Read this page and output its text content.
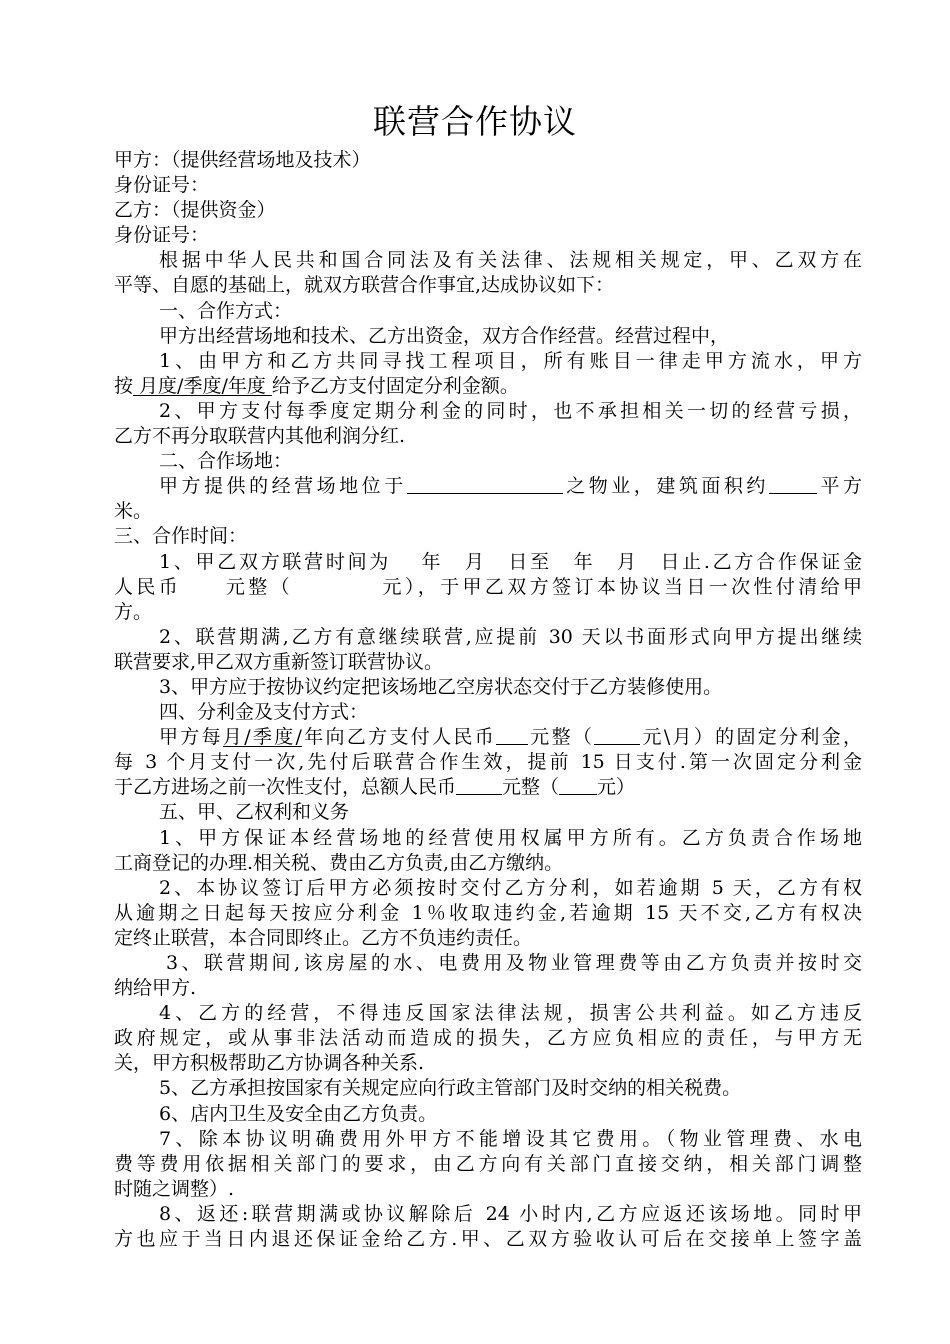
联营合作协议

甲方：（提供经营场地及技术）

身份证号：

乙方：（提供资金）

身份证号：

根据中华人民共和国合同法及有关法律、法规相关规定，甲、乙双方在

平等、自愿的基础上，就双方联营合作事宜,达成协议如下：

一、合作方式：

甲方出经营场地和技术、乙方出资金，双方合作经营。经营过程中，

1、由甲方和乙方共同寻找工程项目，所有账目一律走甲方流水，甲方

按 月度/季度/年度 给予乙方支付固定分利金额。

2、甲方支付每季度定期分利金的同时，也不承担相关一切的经营亏损，

乙方不再分取联营内其他利润分红.

二、合作场地：

甲方提供的经营场地位于	之物业，建筑面积约	平方

米。

三、合作时间：

1、甲乙双方联营时间为　 年　月　日至　年　月　日止.乙方合作保证金

人民币　　元整（　　　　元），于甲乙双方签订本协议当日一次性付清给甲

方。

2、联营期满,乙方有意继续联营,应提前 30 天以书面形式向甲方提出继续

联营要求,甲乙双方重新签订联营协议。

3、甲方应于按协议约定把该场地乙空房状态交付于乙方装修使用。

四、分利金及支付方式：

甲方每月/季度/年向乙方支付人民币 元整（ 元\月）的固定分利金，

每 3 个月支付一次,先付后联营合作生效，提前 15 日支付.第一次固定分利金

于乙方进场之前一次性支付，总额人民币 元整（ 元）

五、甲、乙权利和义务

1、甲方保证本经营场地的经营使用权属甲方所有。乙方负责合作场地

工商登记的办理.相关税、费由乙方负责,由乙方缴纳。

2、本协议签订后甲方必须按时交付乙方分利，如若逾期 5 天，乙方有权

从逾期之日起每天按应分利金 1％收取违约金,若逾期 15 天不交,乙方有权决

定终止联营，本合同即终止。乙方不负违约责任。

3、联营期间,该房屋的水、电费用及物业管理费等由乙方负责并按时交

纳给甲方.

4、乙方的经营，不得违反国家法律法规，损害公共利益。如乙方违反

政府规定，或从事非法活动而造成的损失，乙方应负相应的责任，与甲方无

关，甲方积极帮助乙方协调各种关系.

5、乙方承担按国家有关规定应向行政主管部门及时交纳的相关税费。

6、店内卫生及安全由乙方负责。

7、除本协议明确费用外甲方不能增设其它费用。（物业管理费、水电

费等费用依据相关部门的要求，由乙方向有关部门直接交纳，相关部门调整

时随之调整）.

8、返还:联营期满或协议解除后 24 小时内,乙方应返还该场地。同时甲

方也应于当日内退还保证金给乙方.甲、乙双方验收认可后在交接单上签字盖
